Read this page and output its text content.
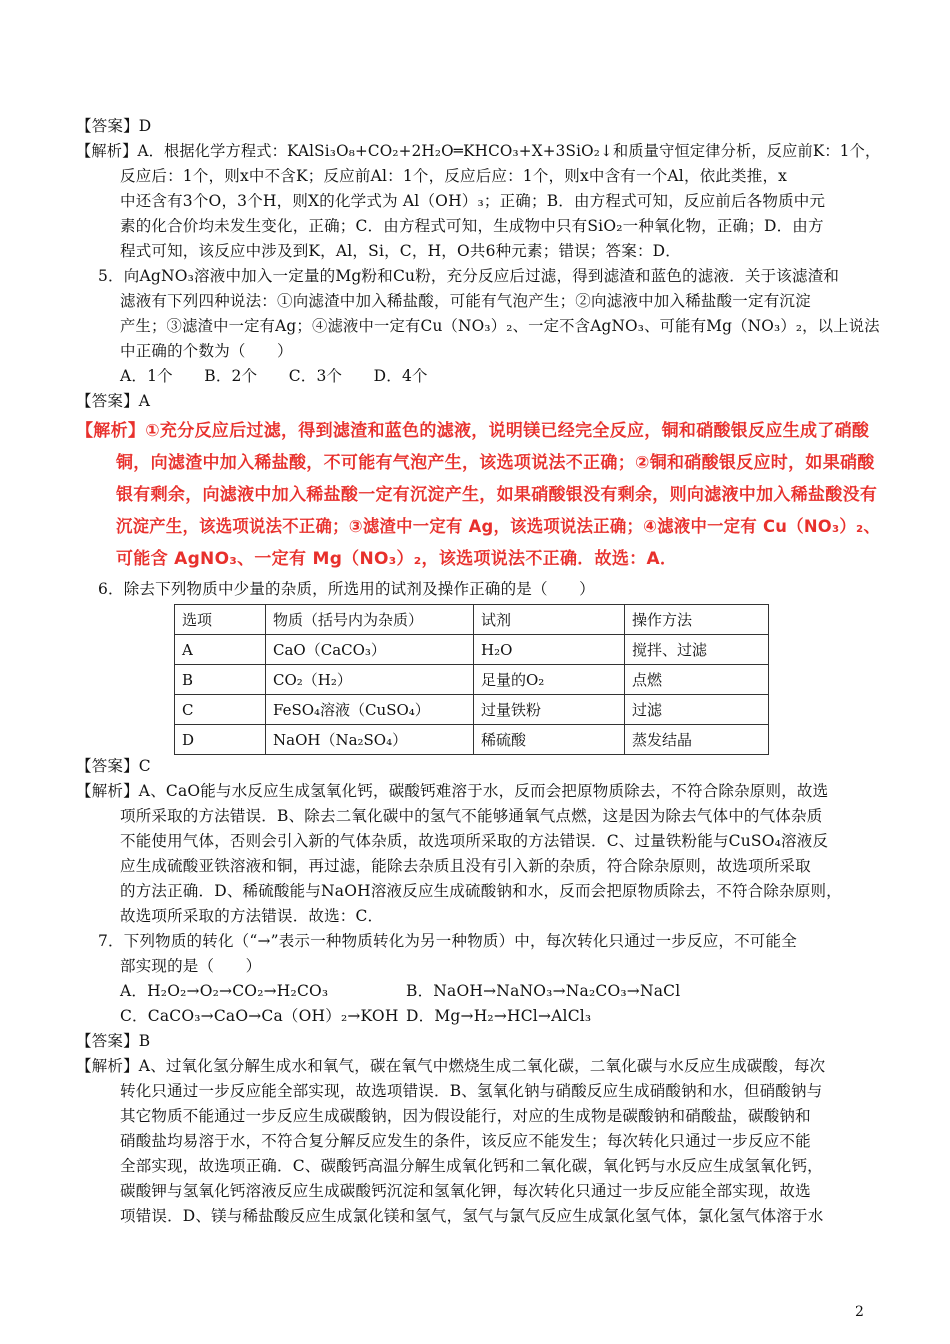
【答案】D
【解析】A．根据化学方程式：KAlSi₃O₈+CO₂+2H₂O═KHCO₃+X+3SiO₂↓和质量守恒定律分析，反应前K：1个，
反应后：1个，则x中不含K；反应前Al：1个，反应后应：1个，则x中含有一个Al，依此类推，x
中还含有3个O，3个H，则X的化学式为 Al（OH）₃；正确；B．由方程式可知，反应前后各物质中元
素的化合价均未发生变化，正确；C．由方程式可知，生成物中只有SiO₂一种氧化物，正确；D．由方
程式可知，该反应中涉及到K，Al，Si，C，H，O共6种元素；错误；答案：D．
5．向AgNO₃溶液中加入一定量的Mg粉和Cu粉，充分反应后过滤，得到滤渣和蓝色的滤液．关于该滤渣和
滤液有下列四种说法：①向滤渣中加入稀盐酸，可能有气泡产生；②向滤液中加入稀盐酸一定有沉淀
产生；③滤渣中一定有Ag；④滤液中一定有Cu（NO₃）₂、一定不含AgNO₃、可能有Mg（NO₃）₂，以上说法
中正确的个数为（　　）
A．1个　　B．2个　　C．3个　　D．4个
【答案】A
【解析】①充分反应后过滤，得到滤渣和蓝色的滤液，说明镁已经完全反应，铜和硝酸银反应生成了硝酸
铜，向滤渣中加入稀盐酸，不可能有气泡产生，该选项说法不正确；②铜和硝酸银反应时，如果硝酸
银有剩余，向滤液中加入稀盐酸一定有沉淀产生，如果硝酸银没有剩余，则向滤液中加入稀盐酸没有
沉淀产生，该选项说法不正确；③滤渣中一定有 Ag，该选项说法正确；④滤液中一定有 Cu（NO₃）₂、
可能含 AgNO₃、一定有 Mg（NO₃）₂，该选项说法不正确．故选：A．
6．除去下列物质中少量的杂质，所选用的试剂及操作正确的是（　　）
选项	物质（括号内为杂质）	试剂	操作方法
A	CaO（CaCO₃）	H₂O	搅拌、过滤
B	CO₂（H₂）	足量的O₂	点燃
C	FeSO₄溶液（CuSO₄）	过量铁粉	过滤
D	NaOH（Na₂SO₄）	稀硫酸	蒸发结晶
【答案】C
【解析】A、CaO能与水反应生成氢氧化钙，碳酸钙难溶于水，反而会把原物质除去，不符合除杂原则，故选
项所采取的方法错误．B、除去二氧化碳中的氢气不能够通氧气点燃，这是因为除去气体中的气体杂质
不能使用气体，否则会引入新的气体杂质，故选项所采取的方法错误．C、过量铁粉能与CuSO₄溶液反
应生成硫酸亚铁溶液和铜，再过滤，能除去杂质且没有引入新的杂质，符合除杂原则，故选项所采取
的方法正确．D、稀硫酸能与NaOH溶液反应生成硫酸钠和水，反而会把原物质除去，不符合除杂原则，
故选项所采取的方法错误．故选：C．
7．下列物质的转化（“→”表示一种物质转化为另一种物质）中，每次转化只通过一步反应，不可能全
部实现的是（　　）
A．H₂O₂→O₂→CO₂→H₂CO₃	B．NaOH→NaNO₃→Na₂CO₃→NaCl
C．CaCO₃→CaO→Ca（OH）₂→KOH D．Mg→H₂→HCl→AlCl₃
【答案】B
【解析】A、过氧化氢分解生成水和氧气，碳在氧气中燃烧生成二氧化碳，二氧化碳与水反应生成碳酸，每次
转化只通过一步反应能全部实现，故选项错误．B、氢氧化钠与硝酸反应生成硝酸钠和水，但硝酸钠与
其它物质不能通过一步反应生成碳酸钠，因为假设能行，对应的生成物是碳酸钠和硝酸盐，碳酸钠和
硝酸盐均易溶于水，不符合复分解反应发生的条件，该反应不能发生；每次转化只通过一步反应不能
全部实现，故选项正确．C、碳酸钙高温分解生成氧化钙和二氧化碳，氧化钙与水反应生成氢氧化钙，
碳酸钾与氢氧化钙溶液反应生成碳酸钙沉淀和氢氧化钾，每次转化只通过一步反应能全部实现，故选
项错误．D、镁与稀盐酸反应生成氯化镁和氢气，氢气与氯气反应生成氯化氢气体，氯化氢气体溶于水
2
